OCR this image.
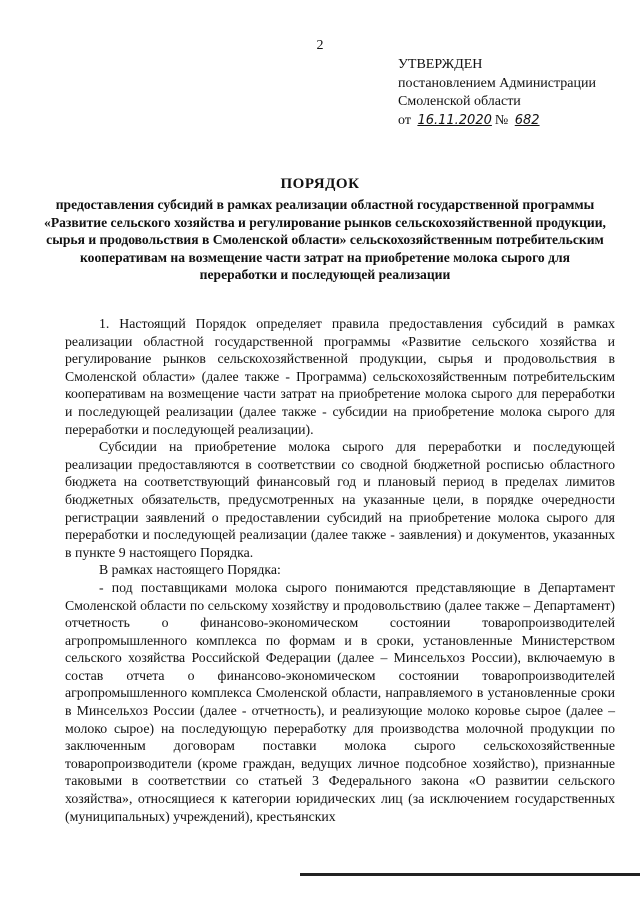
2
УТВЕРЖДЕН
постановлением Администрации
Смоленской области
от 16.11.2020 № 682
ПОРЯДОК
предоставления субсидий в рамках реализации областной государственной программы «Развитие сельского хозяйства и регулирование рынков сельскохозяйственной продукции, сырья и продовольствия в Смоленской области» сельскохозяйственным потребительским кооперативам на возмещение части затрат на приобретение молока сырого для переработки и последующей реализации

1. Настоящий Порядок определяет правила предоставления субсидий в рамках реализации областной государственной программы «Развитие сельского хозяйства и регулирование рынков сельскохозяйственной продукции, сырья и продовольствия в Смоленской области» (далее также - Программа) сельскохозяйственным потребительским кооперативам на возмещение части затрат на приобретение молока сырого для переработки и последующей реализации (далее также - субсидии на приобретение молока сырого для переработки и последующей реализации).

Субсидии на приобретение молока сырого для переработки и последующей реализации предоставляются в соответствии со сводной бюджетной росписью областного бюджета на соответствующий финансовый год и плановый период в пределах лимитов бюджетных обязательств, предусмотренных на указанные цели, в порядке очередности регистрации заявлений о предоставлении субсидий на приобретение молока сырого для переработки и последующей реализации (далее также - заявления) и документов, указанных в пункте 9 настоящего Порядка.

В рамках настоящего Порядка:

- под поставщиками молока сырого понимаются представляющие в Департамент Смоленской области по сельскому хозяйству и продовольствию (далее также – Департамент) отчетность о финансово-экономическом состоянии товаропроизводителей агропромышленного комплекса по формам и в сроки, установленные Министерством сельского хозяйства Российской Федерации (далее – Минсельхоз России), включаемую в состав отчета о финансово-экономическом состоянии товаропроизводителей агропромышленного комплекса Смоленской области, направляемого в установленные сроки в Минсельхоз России (далее - отчетность), и реализующие молоко коровье сырое (далее – молоко сырое) на последующую переработку для производства молочной продукции по заключенным договорам поставки молока сырого сельскохозяйственные товаропроизводители (кроме граждан, ведущих личное подсобное хозяйство), признанные таковыми в соответствии со статьей 3 Федерального закона «О развитии сельского хозяйства», относящиеся к категории юридических лиц (за исключением государственных (муниципальных) учреждений), крестьянских
